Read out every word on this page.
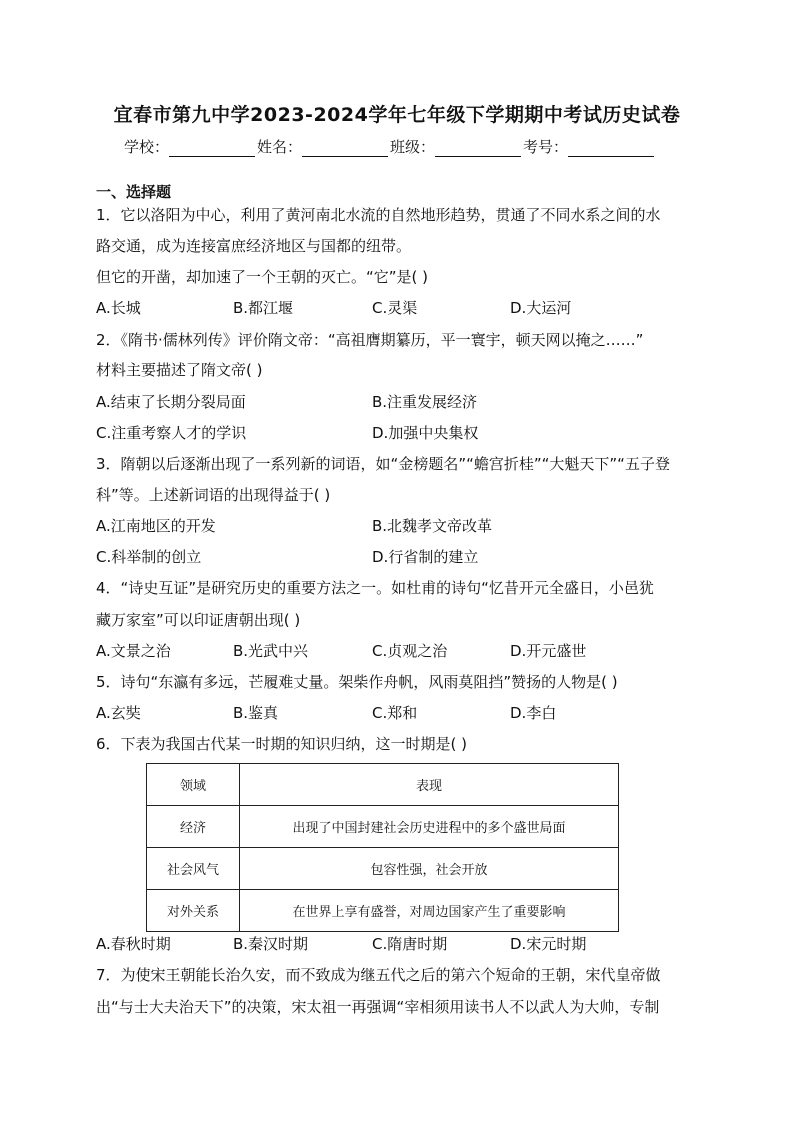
宜春市第九中学2023-2024学年七年级下学期期中考试历史试卷
学校：	姓名：	班级：	考号：
一、选择题
1．它以洛阳为中心，利用了黄河南北水流的自然地形趋势，贯通了不同水系之间的水
路交通，成为连接富庶经济地区与国都的纽带。
但它的开凿，却加速了一个王朝的灭亡。“它”是( )
A.长城	B.都江堰	C.灵渠	D.大运河
2．《隋书·儒林列传》评价隋文帝：“高祖膺期纂历，平一寰宇，顿天网以掩之……”
材料主要描述了隋文帝( )
A.结束了长期分裂局面	B.注重发展经济
C.注重考察人才的学识	D.加强中央集权
3．隋朝以后逐渐出现了一系列新的词语，如“金榜题名”“蟾宫折桂”“大魁天下”“五子登
科”等。上述新词语的出现得益于( )
A.江南地区的开发	B.北魏孝文帝改革
C.科举制的创立	D.行省制的建立
4．“诗史互证”是研究历史的重要方法之一。如杜甫的诗句“忆昔开元全盛日，小邑犹
藏万家室”可以印证唐朝出现( )
A.文景之治	B.光武中兴	C.贞观之治	D.开元盛世
5．诗句“东瀛有多远，芒履难丈量。架柴作舟帆，风雨莫阻挡”赞扬的人物是( )
A.玄奘	B.鉴真	C.郑和	D.李白
6．下表为我国古代某一时期的知识归纳，这一时期是( )
领域	表现
经济	出现了中国封建社会历史进程中的多个盛世局面
社会风气	包容性强，社会开放
对外关系	在世界上享有盛誉，对周边国家产生了重要影响
A.春秋时期	B.秦汉时期	C.隋唐时期	D.宋元时期
7．为使宋王朝能长治久安，而不致成为继五代之后的第六个短命的王朝，宋代皇帝做
出“与士大夫治天下”的决策，宋太祖一再强调“宰相须用读书人不以武人为大帅，专制
